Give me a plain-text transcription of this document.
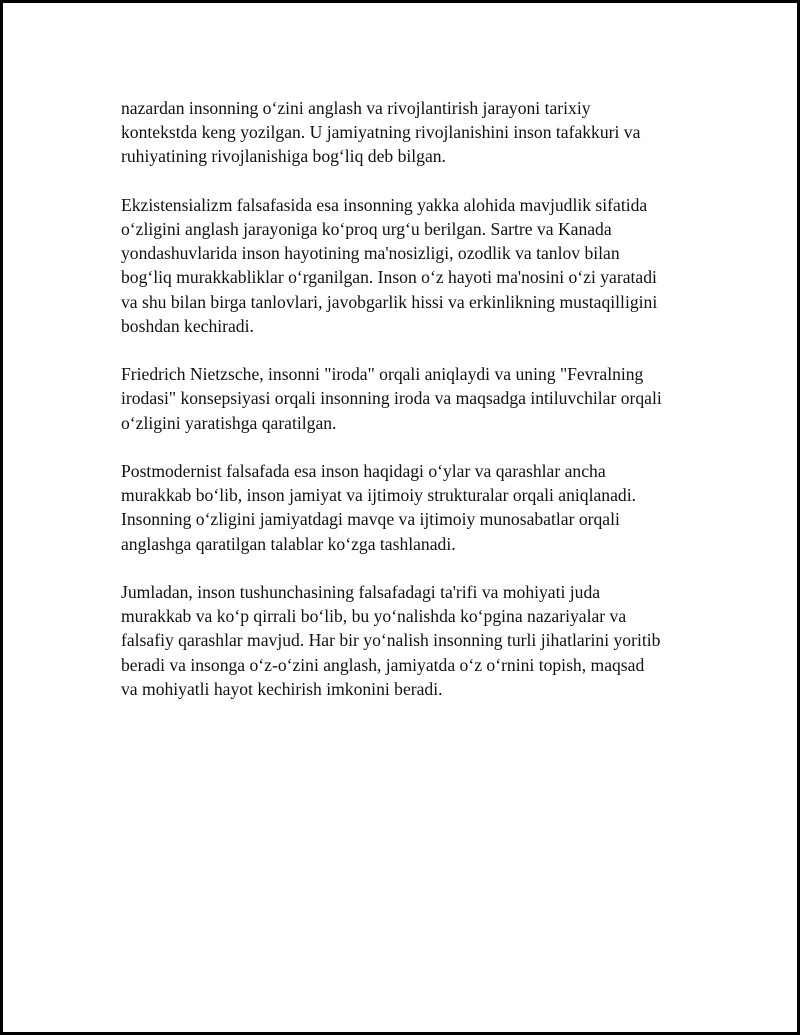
nazardan insonning o‘zini anglash va rivojlantirish jarayoni tarixiy
kontekstda keng yozilgan. U jamiyatning rivojlanishini inson tafakkuri va
ruhiyatining rivojlanishiga bog‘liq deb bilgan.

Ekzistensializm falsafasida esa insonning yakka alohida mavjudlik sifatida
o‘zligini anglash jarayoniga ko‘proq urg‘u berilgan. Sartre va Kanada
yondashuvlarida inson hayotining ma'nosizligi, ozodlik va tanlov bilan
bog‘liq murakkabliklar o‘rganilgan. Inson o‘z hayoti ma'nosini o‘zi yaratadi
va shu bilan birga tanlovlari, javobgarlik hissi va erkinlikning mustaqilligini
boshdan kechiradi.

Friedrich Nietzsche, insonni "iroda" orqali aniqlaydi va uning "Fevralning
irodasi" konsepsiyasi orqali insonning iroda va maqsadga intiluvchilar orqali
o‘zligini yaratishga qaratilgan.

Postmodernist falsafada esa inson haqidagi o‘ylar va qarashlar ancha
murakkab bo‘lib, inson jamiyat va ijtimoiy strukturalar orqali aniqlanadi.
Insonning o‘zligini jamiyatdagi mavqe va ijtimoiy munosabatlar orqali
anglashga qaratilgan talablar ko‘zga tashlanadi.

Jumladan, inson tushunchasining falsafadagi ta'rifi va mohiyati juda
murakkab va ko‘p qirrali bo‘lib, bu yo‘nalishda ko‘pgina nazariyalar va
falsafiy qarashlar mavjud. Har bir yo‘nalish insonning turli jihatlarini yoritib
beradi va insonga o‘z-o‘zini anglash, jamiyatda o‘z o‘rnini topish, maqsad
va mohiyatli hayot kechirish imkonini beradi.
